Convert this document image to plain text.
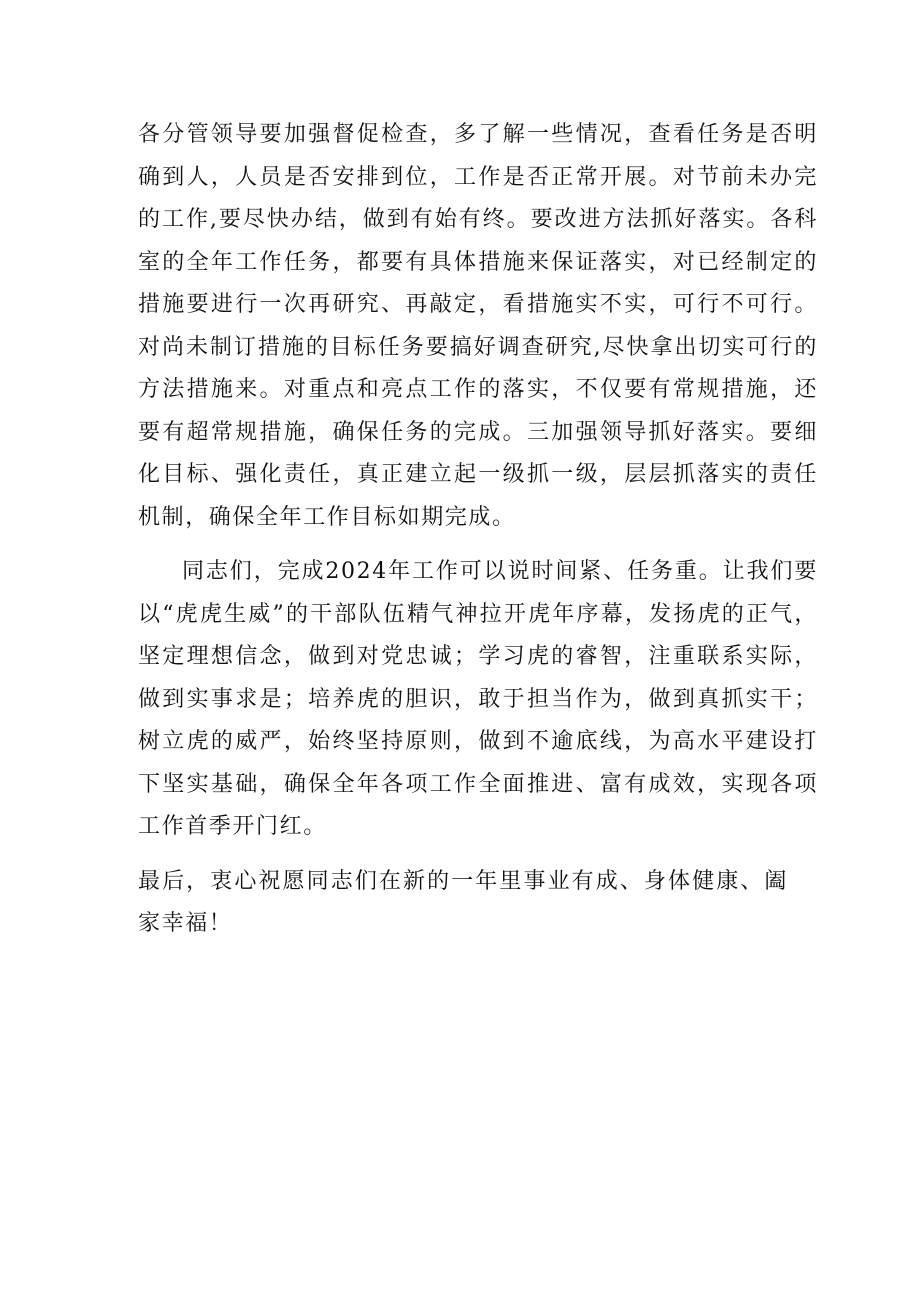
各分管领导要加强督促检查，多了解一些情况，查看任务是否明确到人，人员是否安排到位，工作是否正常开展。对节前未办完的工作,要尽快办结，做到有始有终。要改进方法抓好落实。各科室的全年工作任务，都要有具体措施来保证落实，对已经制定的措施要进行一次再研究、再敲定，看措施实不实，可行不可行。对尚未制订措施的目标任务要搞好调查研究,尽快拿出切实可行的方法措施来。对重点和亮点工作的落实，不仅要有常规措施，还要有超常规措施，确保任务的完成。三加强领导抓好落实。要细化目标、强化责任，真正建立起一级抓一级，层层抓落实的责任机制，确保全年工作目标如期完成。

同志们，完成2024年工作可以说时间紧、任务重。让我们要以“虎虎生威”的干部队伍精气神拉开虎年序幕，发扬虎的正气，坚定理想信念，做到对党忠诚；学习虎的睿智，注重联系实际，做到实事求是；培养虎的胆识，敢于担当作为，做到真抓实干；树立虎的威严，始终坚持原则，做到不逾底线，为高水平建设打下坚实基础，确保全年各项工作全面推进、富有成效，实现各项工作首季开门红。

最后，衷心祝愿同志们在新的一年里事业有成、身体健康、阖家幸福！
